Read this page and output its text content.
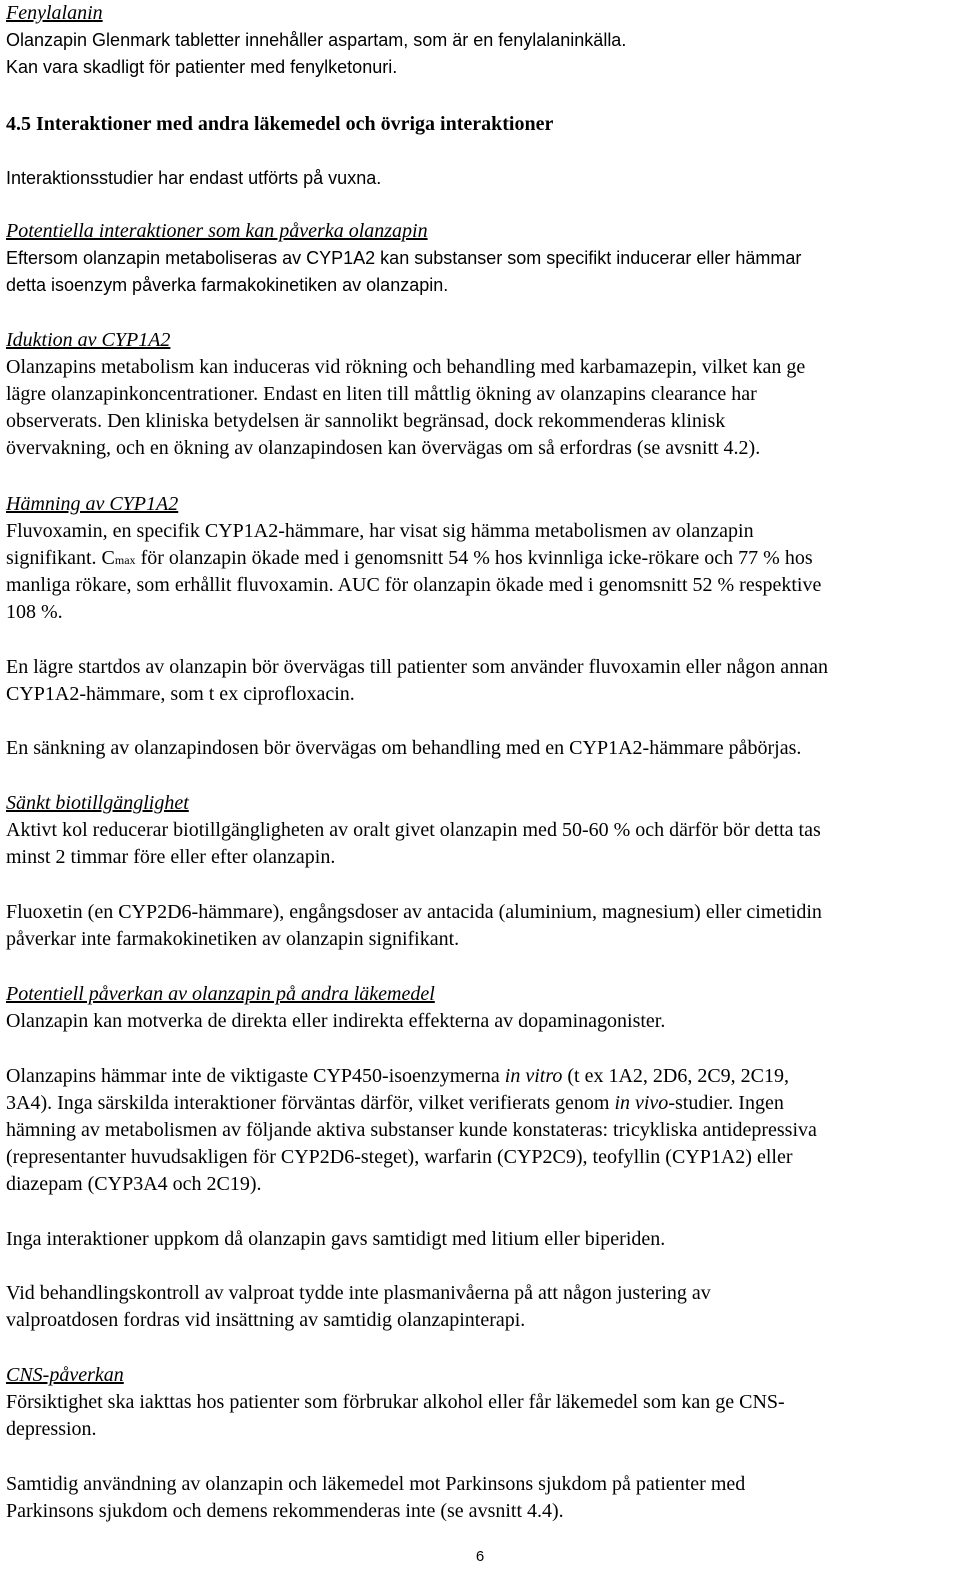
Fenylalanin
Olanzapin Glenmark tabletter innehåller aspartam, som är en fenylalaninkälla.
Kan vara skadligt för patienter med fenylketonuri.
4.5 Interaktioner med andra läkemedel och övriga interaktioner
Interaktionsstudier har endast utförts på vuxna.
Potentiella interaktioner som kan påverka olanzapin
Eftersom olanzapin metaboliseras av CYP1A2 kan substanser som specifikt inducerar eller hämmar
detta isoenzym påverka farmakokinetiken av olanzapin.
Iduktion av CYP1A2
Olanzapins metabolism kan induceras vid rökning och behandling med karbamazepin, vilket kan ge
lägre olanzapinkoncentrationer. Endast en liten till måttlig ökning av olanzapins clearance har
observerats. Den kliniska betydelsen är sannolikt begränsad, dock rekommenderas klinisk
övervakning, och en ökning av olanzapindosen kan övervägas om så erfordras (se avsnitt 4.2).
Hämning av CYP1A2
Fluvoxamin, en specifik CYP1A2-hämmare, har visat sig hämma metabolismen av olanzapin
signifikant. Cmax för olanzapin ökade med i genomsnitt 54 % hos kvinnliga icke-rökare och 77 % hos
manliga rökare, som erhållit fluvoxamin. AUC för olanzapin ökade med i genomsnitt 52 % respektive
108 %.
En lägre startdos av olanzapin bör övervägas till patienter som använder fluvoxamin eller någon annan
CYP1A2-hämmare, som t ex ciprofloxacin.
En sänkning av olanzapindosen bör övervägas om behandling med en CYP1A2-hämmare påbörjas.
Sänkt biotillgänglighet
Aktivt kol reducerar biotillgängligheten av oralt givet olanzapin med 50-60 % och därför bör detta tas
minst 2 timmar före eller efter olanzapin.
Fluoxetin (en CYP2D6-hämmare), engångsdoser av antacida (aluminium, magnesium) eller cimetidin
påverkar inte farmakokinetiken av olanzapin signifikant.
Potentiell påverkan av olanzapin på andra läkemedel
Olanzapin kan motverka de direkta eller indirekta effekterna av dopaminagonister.
Olanzapins hämmar inte de viktigaste CYP450-isoenzymerna in vitro (t ex 1A2, 2D6, 2C9, 2C19,
3A4). Inga särskilda interaktioner förväntas därför, vilket verifierats genom in vivo-studier. Ingen
hämning av metabolismen av följande aktiva substanser kunde konstateras: tricykliska antidepressiva
(representanter huvudsakligen för CYP2D6-steget), warfarin (CYP2C9), teofyllin (CYP1A2) eller
diazepam (CYP3A4 och 2C19).
Inga interaktioner uppkom då olanzapin gavs samtidigt med litium eller biperiden.
Vid behandlingskontroll av valproat tydde inte plasmanivåerna på att någon justering av
valproatdosen fordras vid insättning av samtidig olanzapinterapi.
CNS-påverkan
Försiktighet ska iakttas hos patienter som förbrukar alkohol eller får läkemedel som kan ge CNS-
depression.
Samtidig användning av olanzapin och läkemedel mot Parkinsons sjukdom på patienter med
Parkinsons sjukdom och demens rekommenderas inte (se avsnitt 4.4).
6
